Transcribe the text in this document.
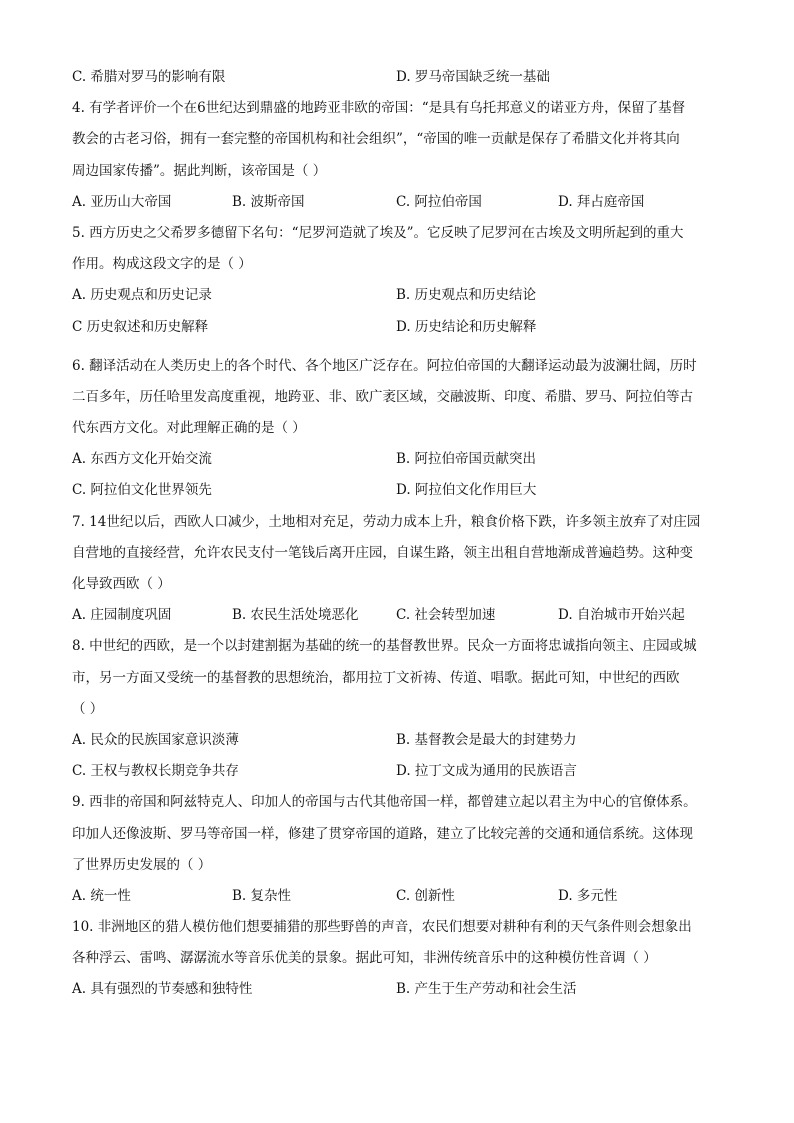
C. 希腊对罗马的影响有限	D. 罗马帝国缺乏统一基础
4. 有学者评价一个在6世纪达到鼎盛的地跨亚非欧的帝国：“是具有乌托邦意义的诺亚方舟，保留了基督
教会的古老习俗，拥有一套完整的帝国机构和社会组织”，“帝国的唯一贡献是保存了希腊文化并将其向
周边国家传播”。据此判断，该帝国是（ ）
A. 亚历山大帝国	B. 波斯帝国	C. 阿拉伯帝国	D. 拜占庭帝国
5. 西方历史之父希罗多德留下名句：“尼罗河造就了埃及”。它反映了尼罗河在古埃及文明所起到的重大
作用。构成这段文字的是（ ）
A. 历史观点和历史记录	B. 历史观点和历史结论
C 历史叙述和历史解释	D. 历史结论和历史解释
6. 翻译活动在人类历史上的各个时代、各个地区广泛存在。阿拉伯帝国的大翻译运动最为波澜壮阔，历时
二百多年，历任哈里发高度重视，地跨亚、非、欧广袤区域，交融波斯、印度、希腊、罗马、阿拉伯等古
代东西方文化。对此理解正确的是（ ）
A. 东西方文化开始交流	B. 阿拉伯帝国贡献突出
C. 阿拉伯文化世界领先	D. 阿拉伯文化作用巨大
7. 14世纪以后，西欧人口减少，土地相对充足，劳动力成本上升，粮食价格下跌，许多领主放弃了对庄园
自营地的直接经营，允许农民支付一笔钱后离开庄园，自谋生路，领主出租自营地渐成普遍趋势。这种变
化导致西欧（ ）
A. 庄园制度巩固	B. 农民生活处境恶化	C. 社会转型加速	D. 自治城市开始兴起
8. 中世纪的西欧，是一个以封建割据为基础的统一的基督教世界。民众一方面将忠诚指向领主、庄园或城
市，另一方面又受统一的基督教的思想统治，都用拉丁文祈祷、传道、唱歌。据此可知，中世纪的西欧
（ ）
A. 民众的民族国家意识淡薄	B. 基督教会是最大的封建势力
C. 王权与教权长期竞争共存	D. 拉丁文成为通用的民族语言
9. 西非的帝国和阿兹特克人、印加人的帝国与古代其他帝国一样，都曾建立起以君主为中心的官僚体系。
印加人还像波斯、罗马等帝国一样，修建了贯穿帝国的道路，建立了比较完善的交通和通信系统。这体现
了世界历史发展的（ ）
A. 统一性	B. 复杂性	C. 创新性	D. 多元性
10. 非洲地区的猎人模仿他们想要捕猎的那些野兽的声音，农民们想要对耕种有利的天气条件则会想象出
各种浮云、雷鸣、潺潺流水等音乐优美的景象。据此可知，非洲传统音乐中的这种模仿性音调（ ）
A. 具有强烈的节奏感和独特性	B. 产生于生产劳动和社会生活
